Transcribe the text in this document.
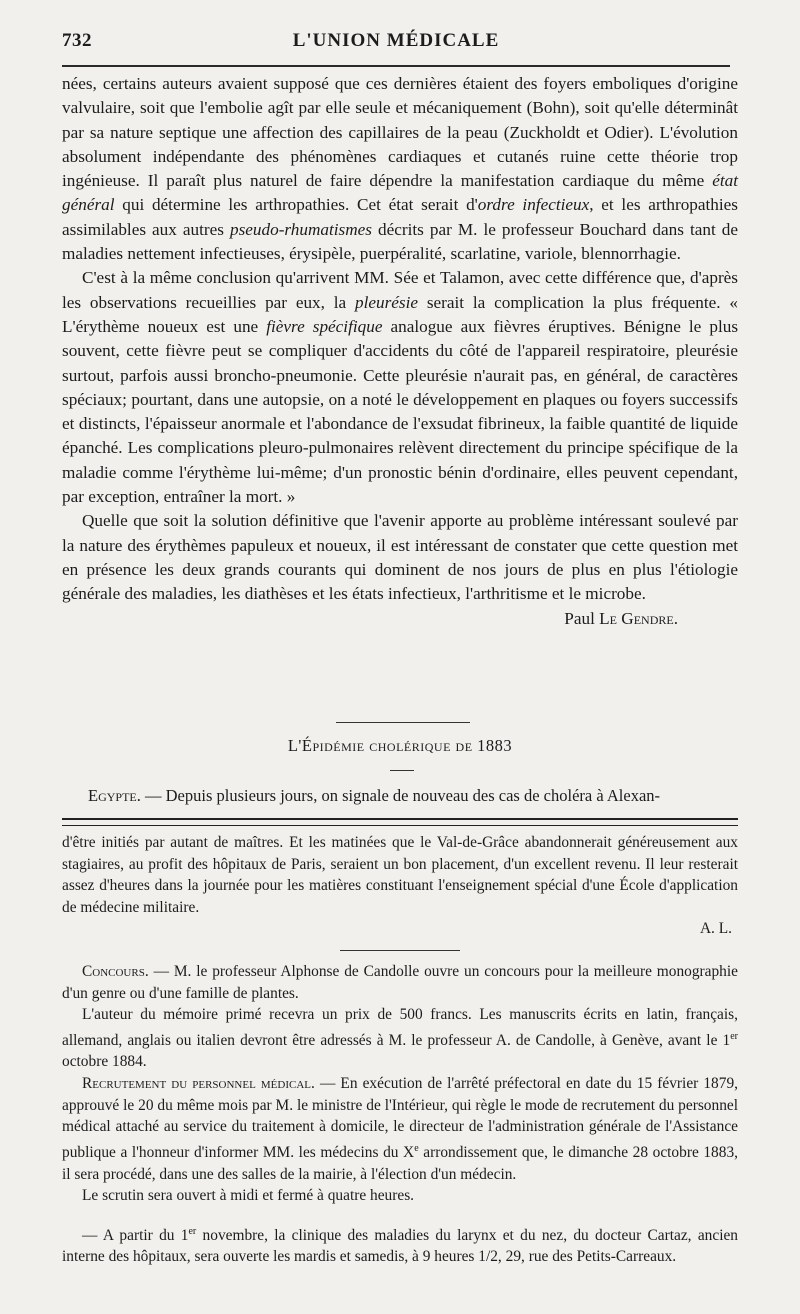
732	L'UNION MÉDICALE

nées, certains auteurs avaient supposé que ces dernières étaient des foyers emboliques d'origine valvulaire, soit que l'embolie agît par elle seule et mécaniquement (Bohn), soit qu'elle déterminât par sa nature septique une affection des capillaires de la peau (Zuckholdt et Odier). L'évolution absolument indépendante des phénomènes cardiaques et cutanés ruine cette théorie trop ingénieuse. Il paraît plus naturel de faire dépendre la manifestation cardiaque du même état général qui détermine les arthropathies. Cet état serait d'ordre infectieux, et les arthropathies assimilables aux autres pseudo-rhumatismes décrits par M. le professeur Bouchard dans tant de maladies nettement infectieuses, érysipèle, puerpéralité, scarlatine, variole, blennorrhagie.

C'est à la même conclusion qu'arrivent MM. Sée et Talamon, avec cette différence que, d'après les observations recueillies par eux, la pleurésie serait la complication la plus fréquente. « L'érythème noueux est une fièvre spécifique analogue aux fièvres éruptives. Bénigne le plus souvent, cette fièvre peut se compliquer d'accidents du côté de l'appareil respiratoire, pleurésie surtout, parfois aussi broncho-pneumonie. Cette pleurésie n'aurait pas, en général, de caractères spéciaux; pourtant, dans une autopsie, on a noté le développement en plaques ou foyers successifs et distincts, l'épaisseur anormale et l'abondance de l'exsudat fibrineux, la faible quantité de liquide épanché. Les complications pleuro-pulmonaires relèvent directement du principe spécifique de la maladie comme l'érythème lui-même; d'un pronostic bénin d'ordinaire, elles peuvent cependant, par exception, entraîner la mort. »

Quelle que soit la solution définitive que l'avenir apporte au problème intéressant soulevé par la nature des érythèmes papuleux et noueux, il est intéressant de constater que cette question met en présence les deux grands courants qui dominent de nos jours de plus en plus l'étiologie générale des maladies, les diathèses et les états infectieux, l'arthritisme et le microbe.

Paul Le Gendre.

L'Épidémie cholérique de 1883
Egypte. — Depuis plusieurs jours, on signale de nouveau des cas de choléra à Alexan-

d'être initiés par autant de maîtres. Et les matinées que le Val-de-Grâce abandonnerait généreusement aux stagiaires, au profit des hôpitaux de Paris, seraient un bon placement, d'un excellent revenu. Il leur resterait assez d'heures dans la journée pour les matières constituant l'enseignement spécial d'une École d'application de médecine militaire.

A. L.

Concours. — M. le professeur Alphonse de Candolle ouvre un concours pour la meilleure monographie d'un genre ou d'une famille de plantes.

L'auteur du mémoire primé recevra un prix de 500 francs. Les manuscrits écrits en latin, français, allemand, anglais ou italien devront être adressés à M. le professeur A. de Candolle, à Genève, avant le 1er octobre 1884.

Recrutement du personnel médical. — En exécution de l'arrêté préfectoral en date du 15 février 1879, approuvé le 20 du même mois par M. le ministre de l'Intérieur, qui règle le mode de recrutement du personnel médical attaché au service du traitement à domicile, le directeur de l'administration générale de l'Assistance publique a l'honneur d'informer MM. les médecins du Xe arrondissement que, le dimanche 28 octobre 1883, il sera procédé, dans une des salles de la mairie, à l'élection d'un médecin.

Le scrutin sera ouvert à midi et fermé à quatre heures.

— A partir du 1er novembre, la clinique des maladies du larynx et du nez, du docteur Cartaz, ancien interne des hôpitaux, sera ouverte les mardis et samedis, à 9 heures 1/2, 29, rue des Petits-Carreaux.
